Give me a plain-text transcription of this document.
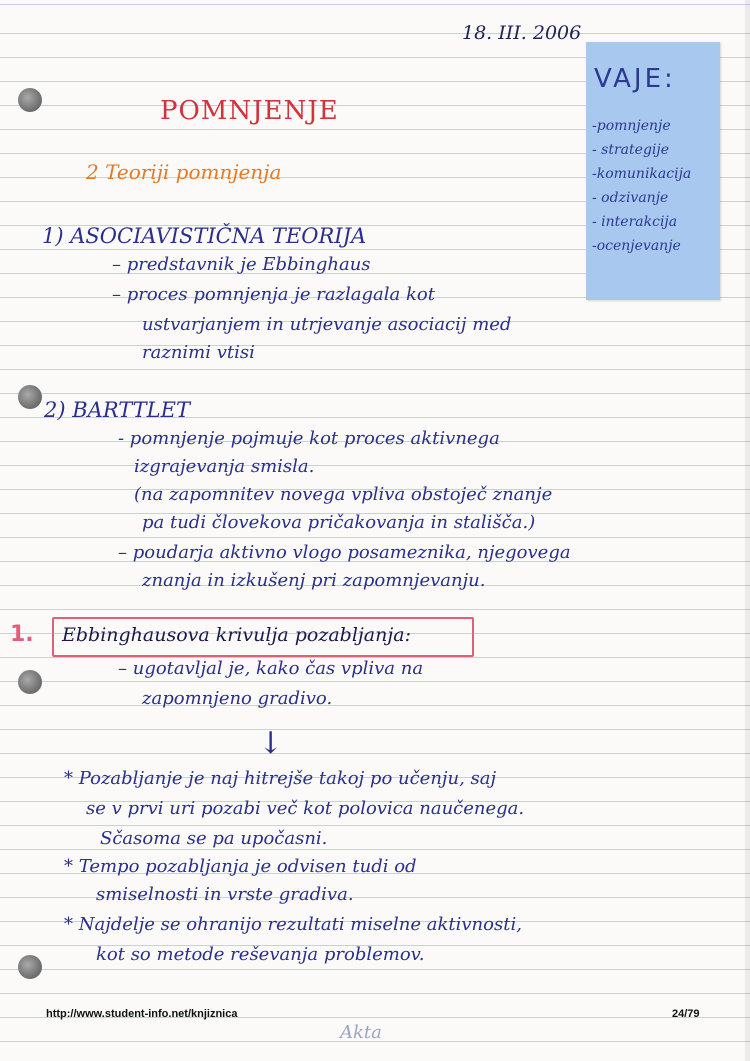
18. III. 2006
POMNJENJE
2 Teoriji pomnjenja
VAJE:
-pomnjenje
- strategije
-komunikacija
- odzivanje
- interakcija
-ocenjevanje
1) ASOCIAVISTIČNA TEORIJA
– predstavnik je Ebbinghaus
– proces pomnjenja je razlagala kot
ustvarjanjem in utrjevanje asociacij med
raznimi vtisi
2) BARTTLET
- pomnjenje pojmuje kot proces aktivnega
izgrajevanja smisla.
(na zapomnitev novega vpliva obstoječ znanje
pa tudi človekova pričakovanja in stališča.)
– poudarja aktivno vlogo posameznika, njegovega
znanja in izkušenj pri zapomnjevanju.
1. Ebbinghausova krivulja pozabljanja:
– ugotavljal je, kako čas vpliva na
zapomnjeno gradivo.
↓
* Pozabljanje je naj hitrejše takoj po učenju, saj
se v prvi uri pozabi več kot polovica naučenega.
Sčasoma se pa upočasni.
* Tempo pozabljanja je odvisen tudi od
smiselnosti in vrste gradiva.
* Najdelje se ohranijo rezultati miselne aktivnosti,
kot so metode reševanja problemov.
http://www.student-info.net/knjiznica	24/79
Akta
